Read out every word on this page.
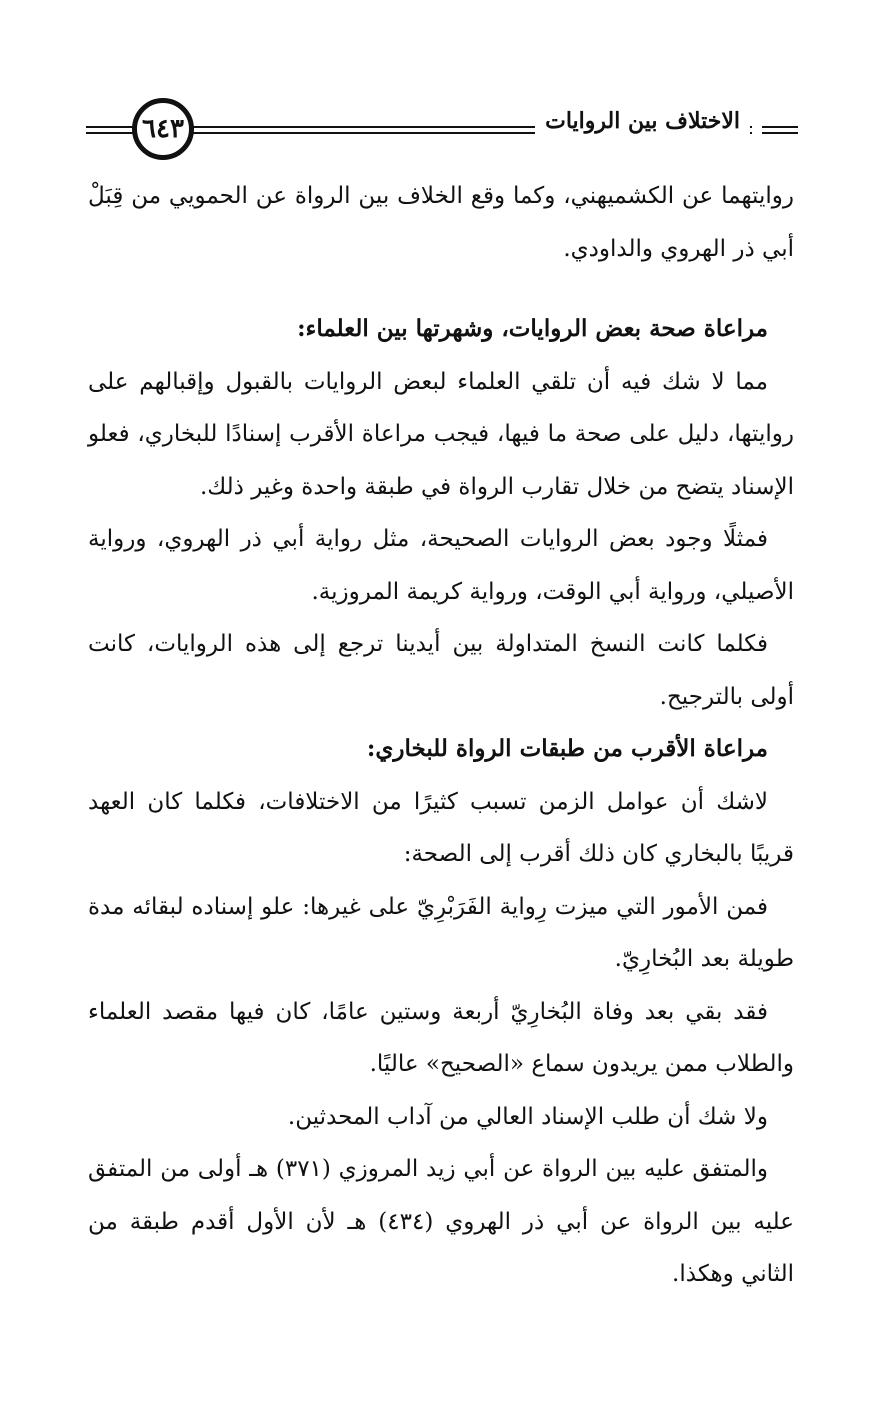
٦٤٣	الاختلاف بين الروايات

روايتهما عن الكشميهني، وكما وقع الخلاف بين الرواة عن الحمويي من قِبَلْ أبي ذر الهروي والداودي.

مراعاة صحة بعض الروايات، وشهرتها بين العلماء:

مما لا شك فيه أن تلقي العلماء لبعض الروايات بالقبول وإقبالهم على روايتها، دليل على صحة ما فيها، فيجب مراعاة الأقرب إسنادًا للبخاري، فعلو الإسناد يتضح من خلال تقارب الرواة في طبقة واحدة وغير ذلك.

فمثلًا وجود بعض الروايات الصحيحة، مثل رواية أبي ذر الهروي، ورواية الأصيلي، ورواية أبي الوقت، ورواية كريمة المروزية.

فكلما كانت النسخ المتداولة بين أيدينا ترجع إلى هذه الروايات، كانت أولى بالترجيح.

مراعاة الأقرب من طبقات الرواة للبخاري:

لاشك أن عوامل الزمن تسبب كثيرًا من الاختلافات، فكلما كان العهد قريبًا بالبخاري كان ذلك أقرب إلى الصحة:

فمن الأمور التي ميزت رِواية الفَرَبْرِيّ على غيرها: علو إسناده لبقائه مدة طويلة بعد البُخارِيّ.

فقد بقي بعد وفاة البُخارِيّ أربعة وستين عامًا، كان فيها مقصد العلماء والطلاب ممن يريدون سماع «الصحيح» عاليًا.

ولا شك أن طلب الإسناد العالي من آداب المحدثين.

والمتفق عليه بين الرواة عن أبي زيد المروزي (٣٧١) هـ أولى من المتفق عليه بين الرواة عن أبي ذر الهروي (٤٣٤) هـ لأن الأول أقدم طبقة من الثاني وهكذا.
